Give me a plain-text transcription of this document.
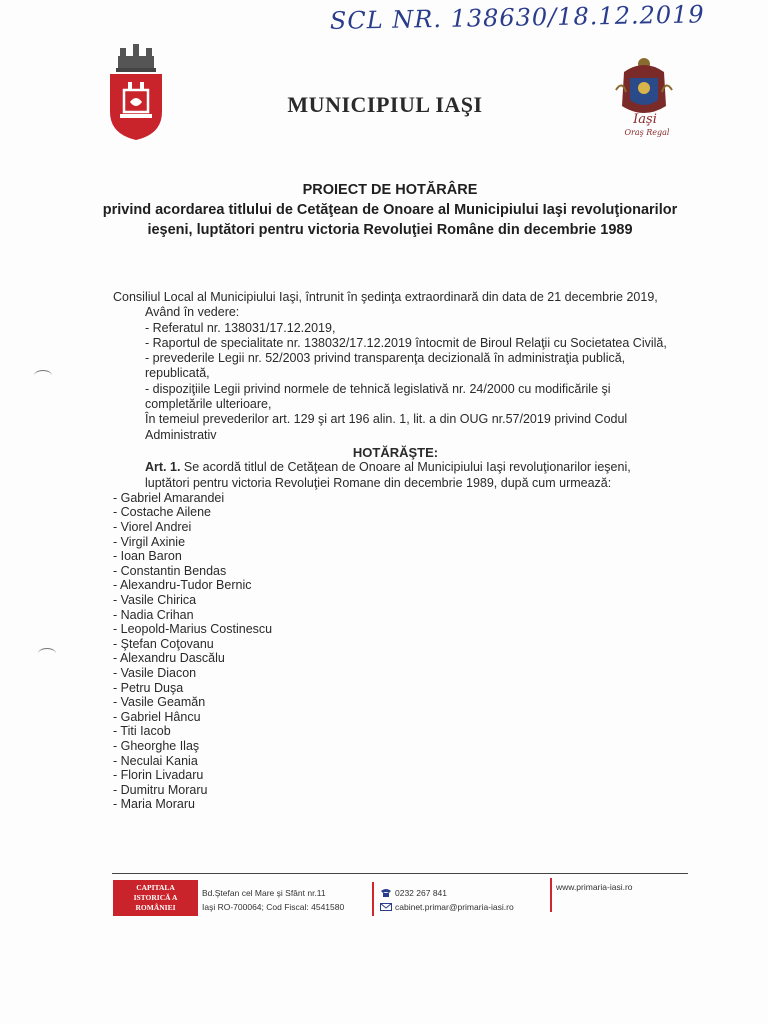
SCL NR. 138630/18.12.2019
MUNICIPIUL IAŞI
Iaşi
Oraş Regal
PROIECT DE HOTĂRÂRE
privind acordarea titlului de Cetăţean de Onoare al Municipiului Iaşi revoluţionarilor ieşeni, luptători pentru victoria Revoluţiei Române din decembrie 1989

Consiliul Local al Municipiului Iaşi, întrunit în şedinţa extraordinară din data de 21 decembrie 2019,

Având în vedere:

- Referatul nr. 138031/17.12.2019,

- Raportul de specialitate nr. 138032/17.12.2019 întocmit de Biroul Relaţii cu Societatea Civilă,

- prevederile Legii nr. 52/2003 privind transparenţa decizională în administraţia publică, republicată,

- dispoziţiile Legii privind normele de tehnică legislativă nr. 24/2000 cu modificările şi completările ulterioare,

În temeiul prevederilor art. 129 şi art 196 alin. 1, lit. a din OUG nr.57/2019 privind Codul Administrativ

HOTĂRĂŞTE:

Art. 1. Se acordă titlul de Cetăţean de Onoare al Municipiului Iaşi revoluţionarilor ieşeni, luptători pentru victoria Revoluţiei Romane din decembrie 1989, după cum urmează:

- Gabriel Amarandei
- Costache Ailene
- Viorel Andrei
- Virgil Axinie
- Ioan Baron
- Constantin Bendas
- Alexandru-Tudor Bernic
- Vasile Chirica
- Nadia Crihan
- Leopold-Marius Costinescu
- Ştefan Coţovanu
- Alexandru Dascălu
- Vasile Diacon
- Petru Duşa
- Vasile Geamăn
- Gabriel Hâncu
- Titi Iacob
- Gheorghe Ilaş
- Neculai Kania
- Florin Livadaru
- Dumitru Moraru
- Maria Moraru
CAPITALA
ISTORICĂ A
ROMÂNIEI
Bd.Ştefan cel Mare şi Sfânt nr.11
Iaşi RO-700064; Cod Fiscal: 4541580
0232 267 841
cabinet.primar@primaria-iasi.ro
www.primaria-iasi.ro
